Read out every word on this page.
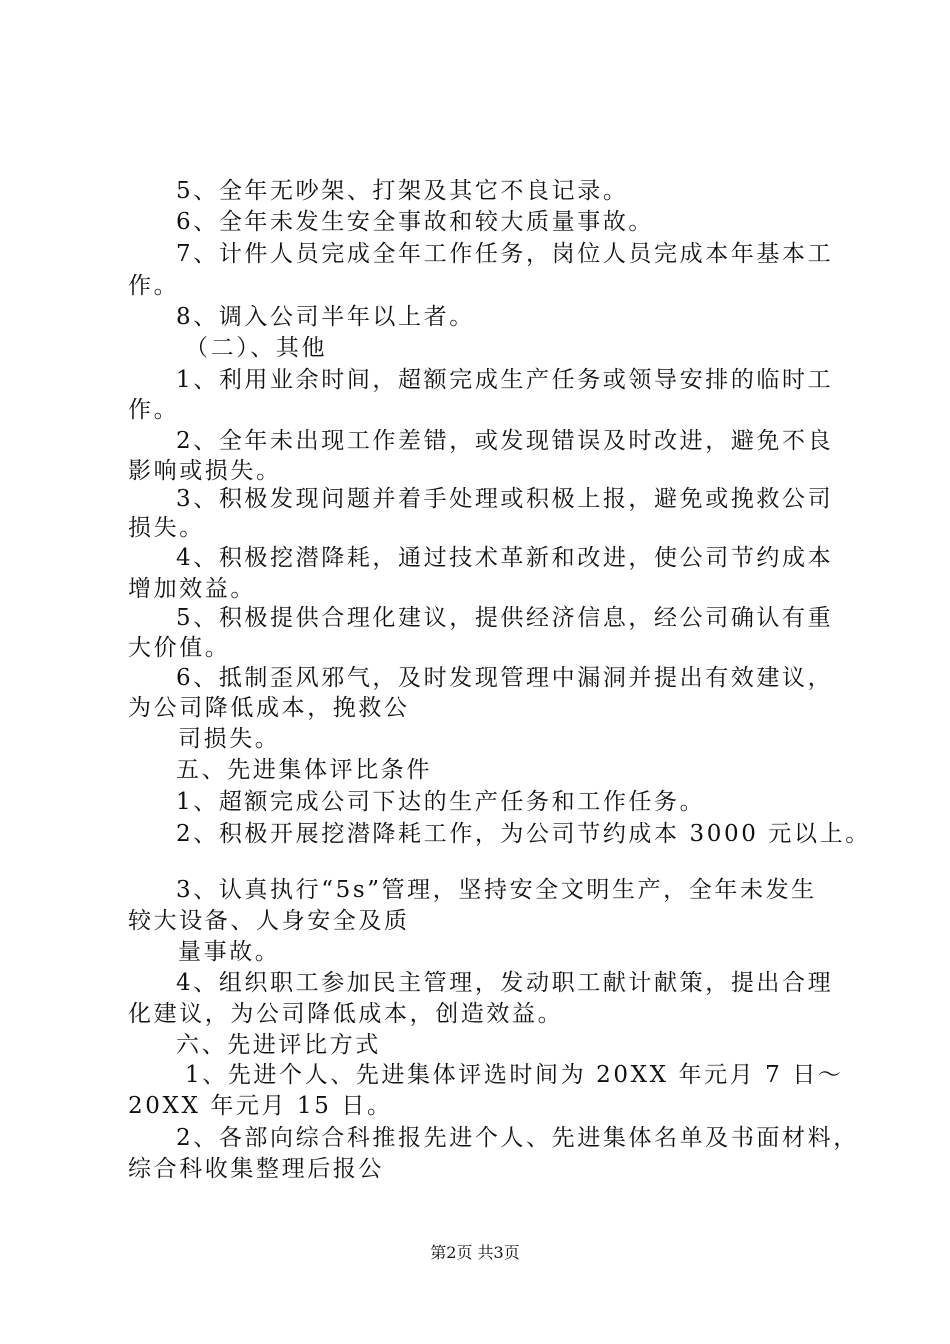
5、全年无吵架、打架及其它不良记录。
6、全年未发生安全事故和较大质量事故。
7、计件人员完成全年工作任务，岗位人员完成本年基本工
作。
8、调入公司半年以上者。
（二）、其他
1、利用业余时间，超额完成生产任务或领导安排的临时工
作。
2、全年未出现工作差错，或发现错误及时改进，避免不良
影响或损失。
3、积极发现问题并着手处理或积极上报，避免或挽救公司
损失。
4、积极挖潜降耗，通过技术革新和改进，使公司节约成本
增加效益。
5、积极提供合理化建议，提供经济信息，经公司确认有重
大价值。
6、抵制歪风邪气，及时发现管理中漏洞并提出有效建议，
为公司降低成本，挽救公
司损失。
五、先进集体评比条件
1、超额完成公司下达的生产任务和工作任务。
2、积极开展挖潜降耗工作，为公司节约成本 3000 元以上。
3、认真执行“5s”管理，坚持安全文明生产，全年未发生
较大设备、人身安全及质
量事故。
4、组织职工参加民主管理，发动职工献计献策，提出合理
化建议，为公司降低成本，创造效益。
六、先进评比方式
1、先进个人、先进集体评选时间为 20XX 年元月 7 日～
20XX 年元月 15 日。
2、各部向综合科推报先进个人、先进集体名单及书面材料，
综合科收集整理后报公
第2页 共3页
